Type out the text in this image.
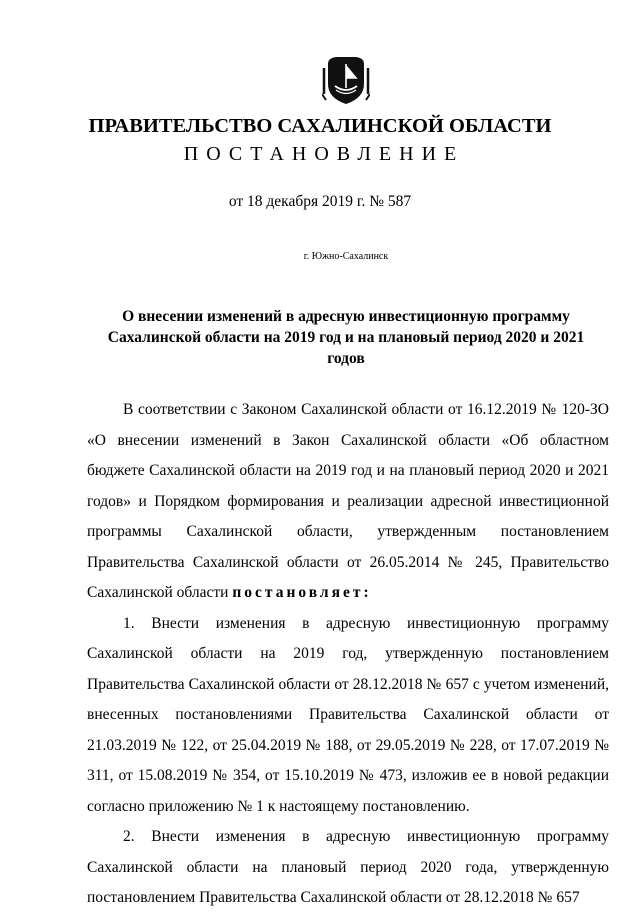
ПРАВИТЕЛЬСТВО САХАЛИНСКОЙ ОБЛАСТИ
ПОСТАНОВЛЕНИЕ
от 18 декабря 2019 г. № 587
г. Южно-Сахалинск
О внесении изменений в адресную инвестиционную программу Сахалинской области на 2019 год и на плановый период 2020 и 2021 годов

В соответствии с Законом Сахалинской области от 16.12.2019 № 120-ЗО «О внесении изменений в Закон Сахалинской области «Об областном бюджете Сахалинской области на 2019 год и на плановый период 2020 и 2021 годов» и Порядком формирования и реализации адресной инвестиционной программы Сахалинской области, утвержденным постановлением Правительства Сахалинской области от 26.05.2014 № 245, Правительство Сахалинской области постановляет:

1. Внести изменения в адресную инвестиционную программу Сахалинской области на 2019 год, утвержденную постановлением Правительства Сахалинской области от 28.12.2018 № 657 с учетом изменений, внесенных постановлениями Правительства Сахалинской области от 21.03.2019 № 122, от 25.04.2019 № 188, от 29.05.2019 № 228, от 17.07.2019 № 311, от 15.08.2019 № 354, от 15.10.2019 № 473, изложив ее в новой редакции согласно приложению № 1 к настоящему постановлению.

2. Внести изменения в адресную инвестиционную программу Сахалинской области на плановый период 2020 года, утвержденную постановлением Правительства Сахалинской области от 28.12.2018 № 657
